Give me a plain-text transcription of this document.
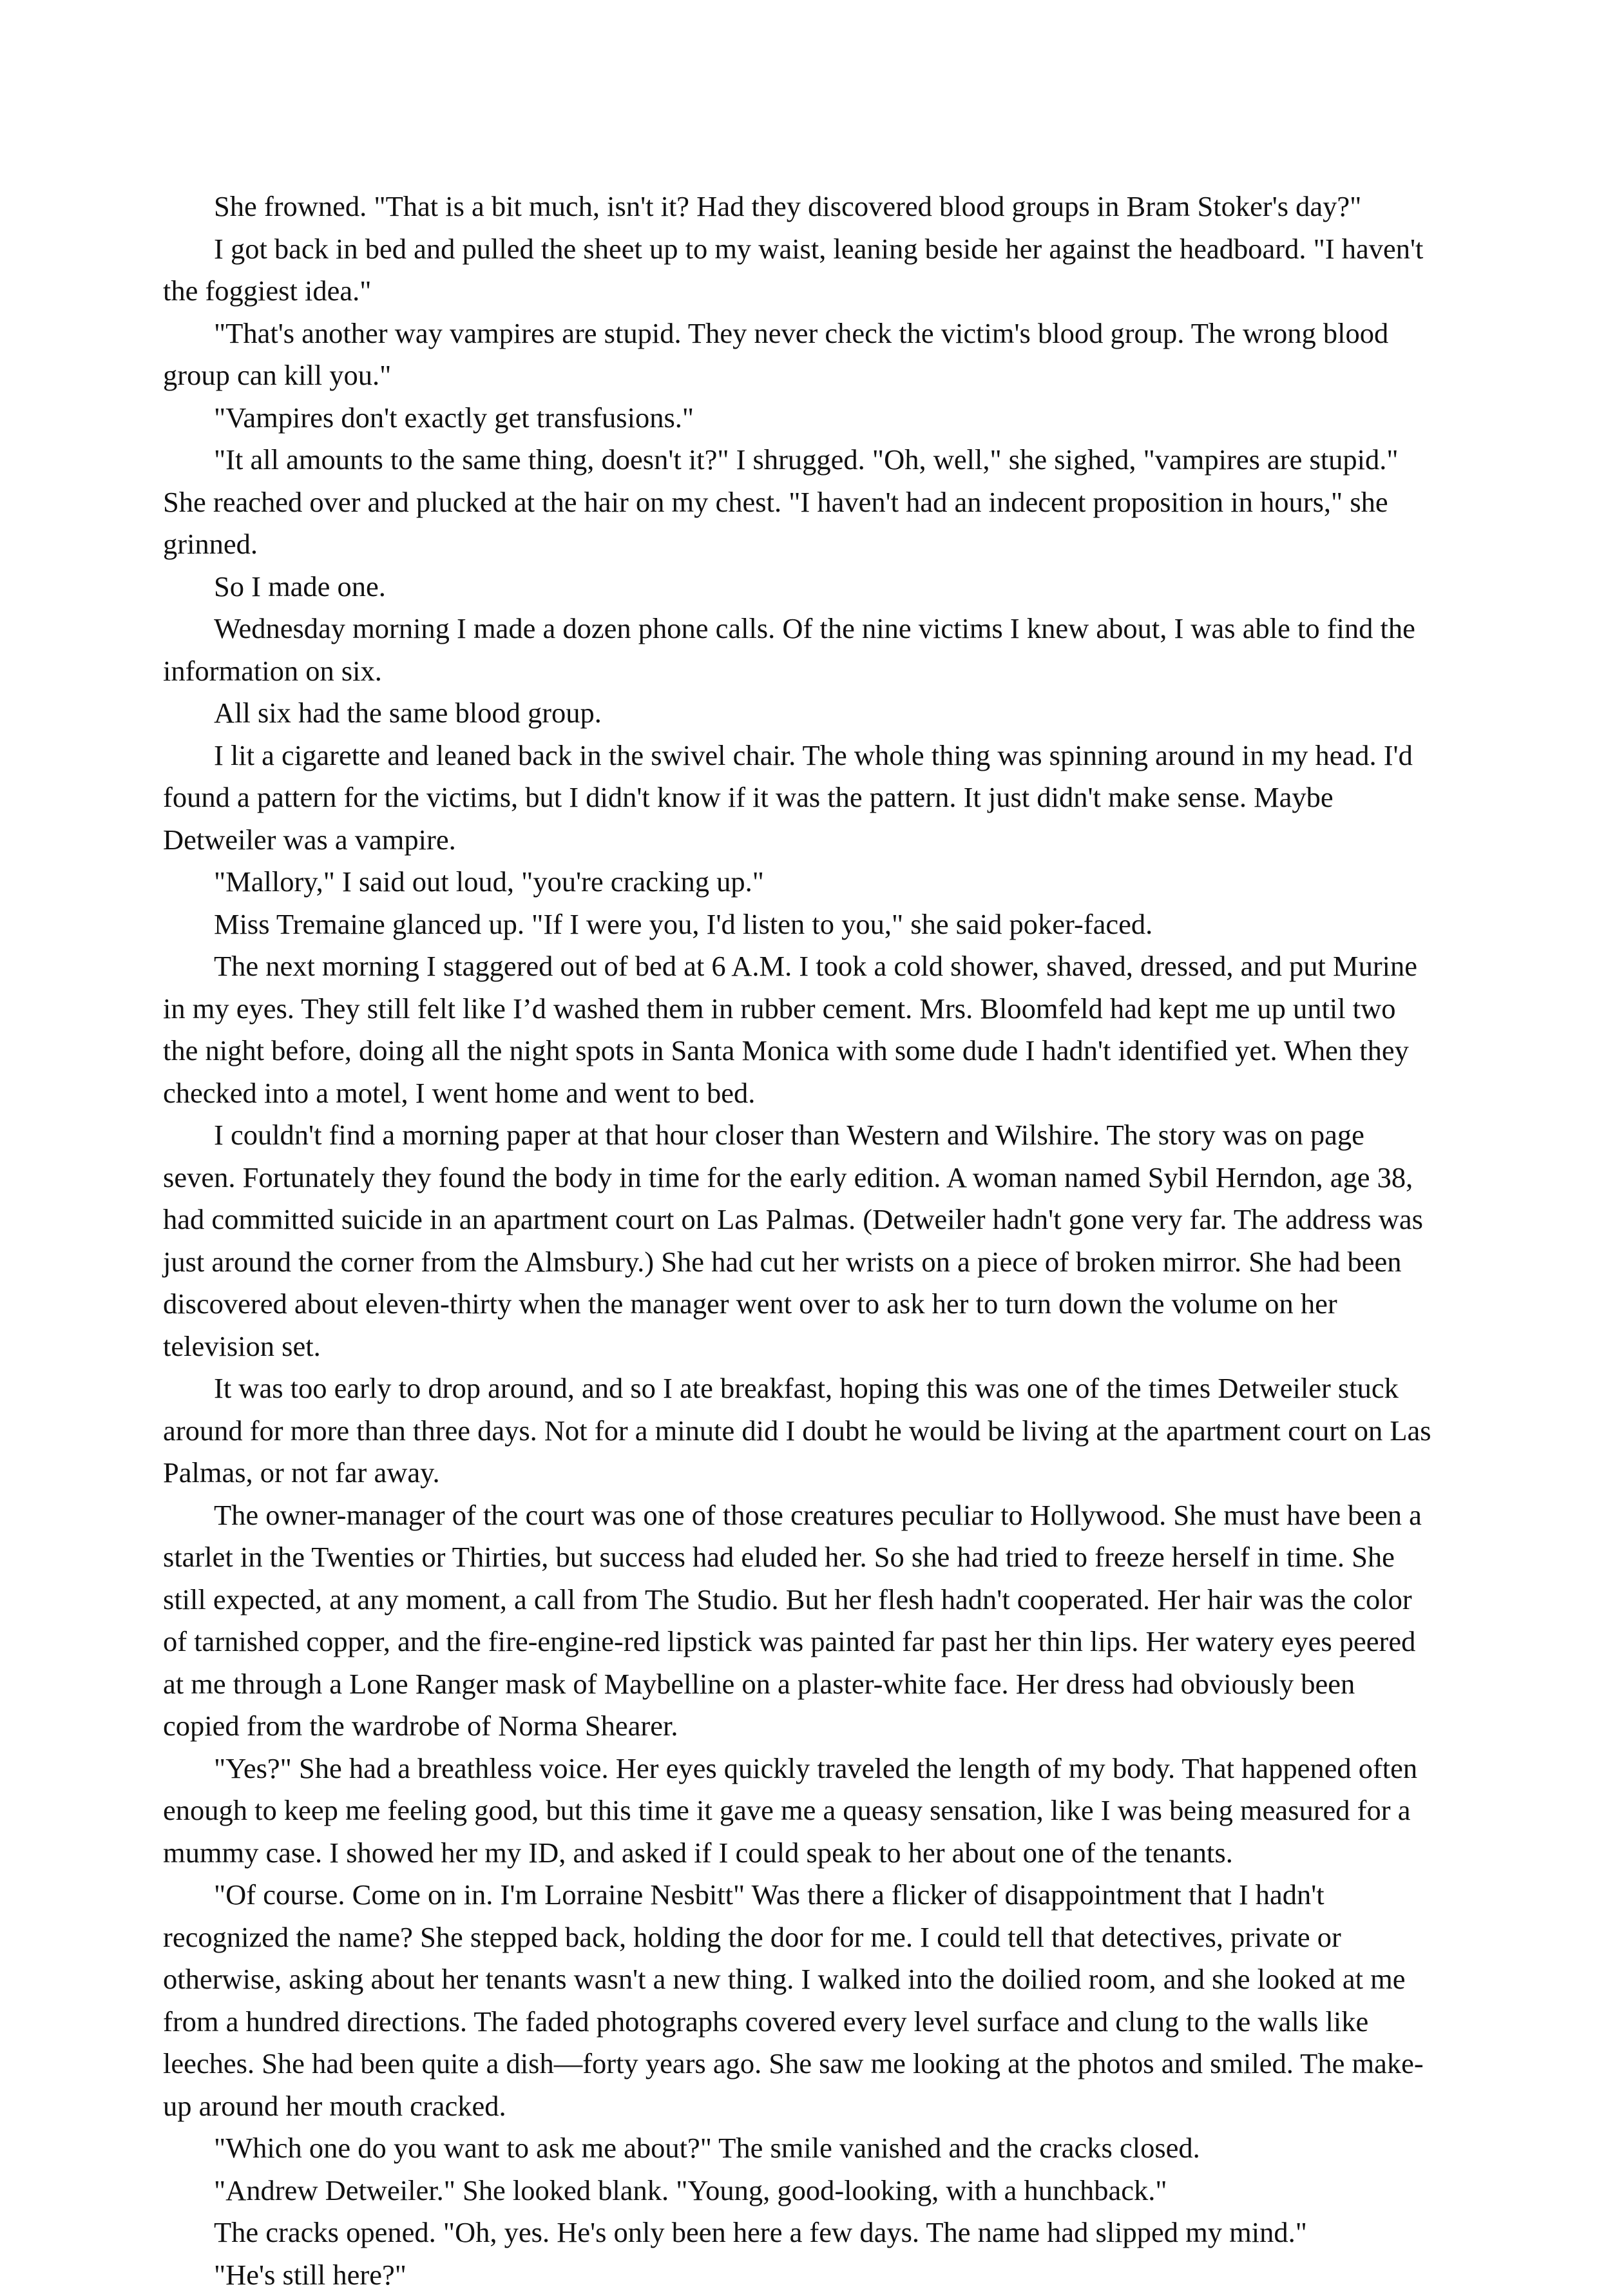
She frowned. "That is a bit much, isn't it? Had they discovered blood groups in Bram Stoker's day?"

I got back in bed and pulled the sheet up to my waist, leaning beside her against the headboard. "I haven't the foggiest idea."

"That's another way vampires are stupid. They never check the victim's blood group. The wrong blood group can kill you."

"Vampires don't exactly get transfusions."

"It all amounts to the same thing, doesn't it?" I shrugged. "Oh, well," she sighed, "vampires are stupid." She reached over and plucked at the hair on my chest. "I haven't had an indecent proposition in hours," she grinned.

So I made one.

Wednesday morning I made a dozen phone calls. Of the nine victims I knew about, I was able to find the information on six.

All six had the same blood group.

I lit a cigarette and leaned back in the swivel chair. The whole thing was spinning around in my head. I'd found a pattern for the victims, but I didn't know if it was the pattern. It just didn't make sense. Maybe Detweiler was a vampire.

"Mallory," I said out loud, "you're cracking up."

Miss Tremaine glanced up. "If I were you, I'd listen to you," she said poker-faced.

The next morning I staggered out of bed at 6 A.M. I took a cold shower, shaved, dressed, and put Murine in my eyes. They still felt like I’d washed them in rubber cement. Mrs. Bloomfeld had kept me up until two the night before, doing all the night spots in Santa Monica with some dude I hadn't identified yet. When they checked into a motel, I went home and went to bed.

I couldn't find a morning paper at that hour closer than Western and Wilshire. The story was on page seven. Fortunately they found the body in time for the early edition. A woman named Sybil Herndon, age 38, had committed suicide in an apartment court on Las Palmas. (Detweiler hadn't gone very far. The address was just around the corner from the Almsbury.) She had cut her wrists on a piece of broken mirror. She had been discovered about eleven-thirty when the manager went over to ask her to turn down the volume on her television set.

It was too early to drop around, and so I ate breakfast, hoping this was one of the times Detweiler stuck around for more than three days. Not for a minute did I doubt he would be living at the apartment court on Las Palmas, or not far away.

The owner-manager of the court was one of those creatures peculiar to Hollywood. She must have been a starlet in the Twenties or Thirties, but success had eluded her. So she had tried to freeze herself in time. She still expected, at any moment, a call from The Studio. But her flesh hadn't cooperated. Her hair was the color of tarnished copper, and the fire-engine-red lipstick was painted far past her thin lips. Her watery eyes peered at me through a Lone Ranger mask of Maybelline on a plaster-white face. Her dress had obviously been copied from the wardrobe of Norma Shearer.

"Yes?" She had a breathless voice. Her eyes quickly traveled the length of my body. That happened often enough to keep me feeling good, but this time it gave me a queasy sensation, like I was being measured for a mummy case. I showed her my ID, and asked if I could speak to her about one of the tenants.

"Of course. Come on in. I'm Lorraine Nesbitt" Was there a flicker of disappointment that I hadn't recognized the name? She stepped back, holding the door for me. I could tell that detectives, private or otherwise, asking about her tenants wasn't a new thing. I walked into the doilied room, and she looked at me from a hundred directions. The faded photographs covered every level surface and clung to the walls like leeches. She had been quite a dish—forty years ago. She saw me looking at the photos and smiled. The make-up around her mouth cracked.

"Which one do you want to ask me about?" The smile vanished and the cracks closed.

"Andrew Detweiler." She looked blank. "Young, good-looking, with a hunchback."

The cracks opened. "Oh, yes. He's only been here a few days. The name had slipped my mind."

"He's still here?"
